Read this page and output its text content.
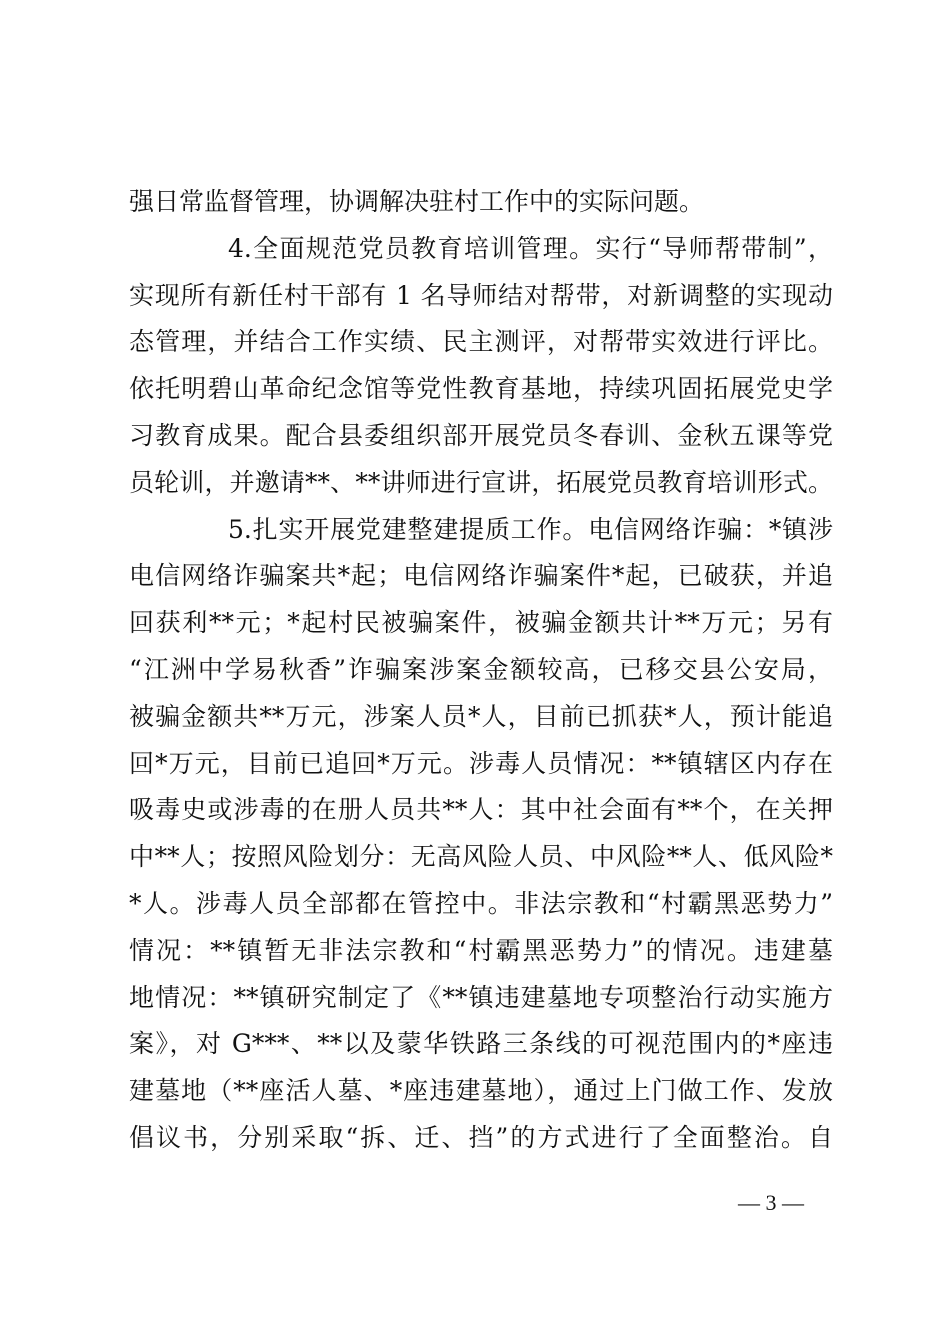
强日常监督管理，协调解决驻村工作中的实际问题。
4.全面规范党员教育培训管理。实行“导师帮带制”，
实现所有新任村干部有 1 名导师结对帮带，对新调整的实现动
态管理，并结合工作实绩、民主测评，对帮带实效进行评比。
依托明碧山革命纪念馆等党性教育基地，持续巩固拓展党史学
习教育成果。配合县委组织部开展党员冬春训、金秋五课等党
员轮训，并邀请**、**讲师进行宣讲，拓展党员教育培训形式。
5.扎实开展党建整建提质工作。电信网络诈骗：*镇涉
电信网络诈骗案共*起；电信网络诈骗案件*起，已破获，并追
回获利**元；*起村民被骗案件，被骗金额共计**万元；另有
“江洲中学易秋香”诈骗案涉案金额较高，已移交县公安局，
被骗金额共**万元，涉案人员*人，目前已抓获*人，预计能追
回*万元，目前已追回*万元。涉毒人员情况：**镇辖区内存在
吸毒史或涉毒的在册人员共**人：其中社会面有**个，在关押
中**人；按照风险划分：无高风险人员、中风险**人、低风险*
*人。涉毒人员全部都在管控中。非法宗教和“村霸黑恶势力”
情况：**镇暂无非法宗教和“村霸黑恶势力”的情况。违建墓
地情况：**镇研究制定了《**镇违建墓地专项整治行动实施方
案》，对 G***、**以及蒙华铁路三条线的可视范围内的*座违
建墓地（**座活人墓、*座违建墓地），通过上门做工作、发放
倡议书，分别采取“拆、迁、挡”的方式进行了全面整治。自
— 3 —
